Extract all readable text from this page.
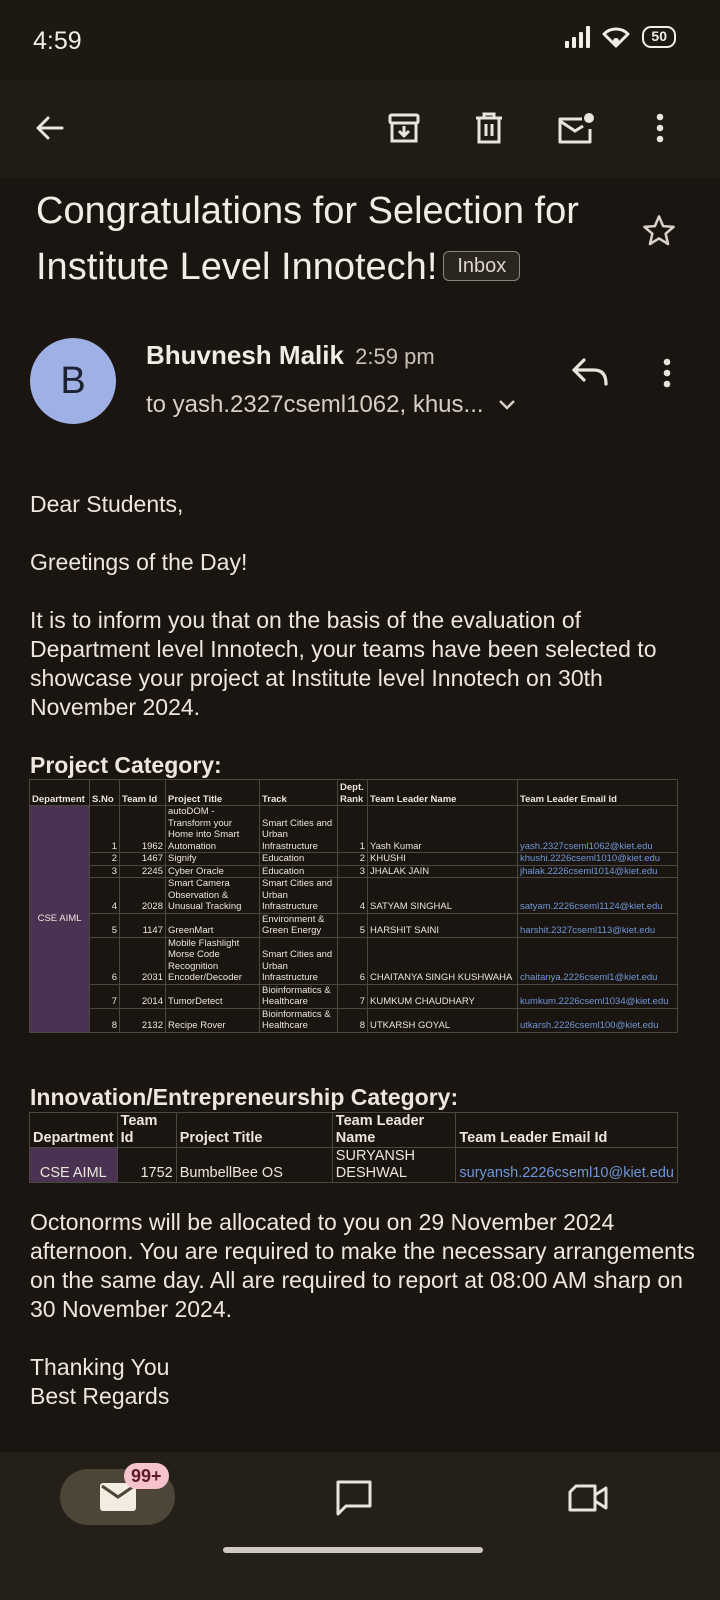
4:59	50
Congratulations for Selection for Institute Level Innotech! Inbox
B
Bhuvnesh Malik 2:59 pm
to yash.2327cseml1062, khus...
Dear Students,
Greetings of the Day!
It is to inform you that on the basis of the evaluation of Department level Innotech, your teams have been selected to showcase your project at Institute level Innotech on 30th November 2024.
Project Category:
Department	S.No	Team Id	Project Title	Track	Dept. Rank	Team Leader Name	Team Leader Email Id
CSE AIML	1	1962	autoDOM - Transform your Home into Smart Automation	Smart Cities and Urban Infrastructure	1	Yash Kumar	yash.2327cseml1062@kiet.edu
	2	1467	Signify	Education	2	KHUSHI	khushi.2226cseml1010@kiet.edu
	3	2245	Cyber Oracle	Education	3	JHALAK JAIN	jhalak.2226cseml1014@kiet.edu
	4	2028	Smart Camera Observation & Unusual Tracking	Smart Cities and Urban Infrastructure	4	SATYAM SINGHAL	satyam.2226cseml1124@kiet.edu
	5	1147	GreenMart	Environment & Green Energy	5	HARSHIT SAINI	harshit.2327cseml113@kiet.edu
	6	2031	Mobile Flashlight Morse Code Recognition Encoder/Decoder	Smart Cities and Urban Infrastructure	6	CHAITANYA SINGH KUSHWAHA	chaitanya.2226cseml1@kiet.edu
	7	2014	TumorDetect	Bioinformatics & Healthcare	7	KUMKUM CHAUDHARY	kumkum.2226cseml1034@kiet.edu
	8	2132	Recipe Rover	Bioinformatics & Healthcare	8	UTKARSH GOYAL	utkarsh.2226cseml100@kiet.edu
Innovation/Entrepreneurship Category:
Department	Team Id	Project Title	Team Leader Name	Team Leader Email Id
CSE AIML	1752	BumbellBee OS	SURYANSH DESHWAL	suryansh.2226cseml10@kiet.edu
Octonorms will be allocated to you on 29 November 2024 afternoon. You are required to make the necessary arrangements on the same day. All are required to report at 08:00 AM sharp on 30 November 2024.
Thanking You
Best Regards
99+
